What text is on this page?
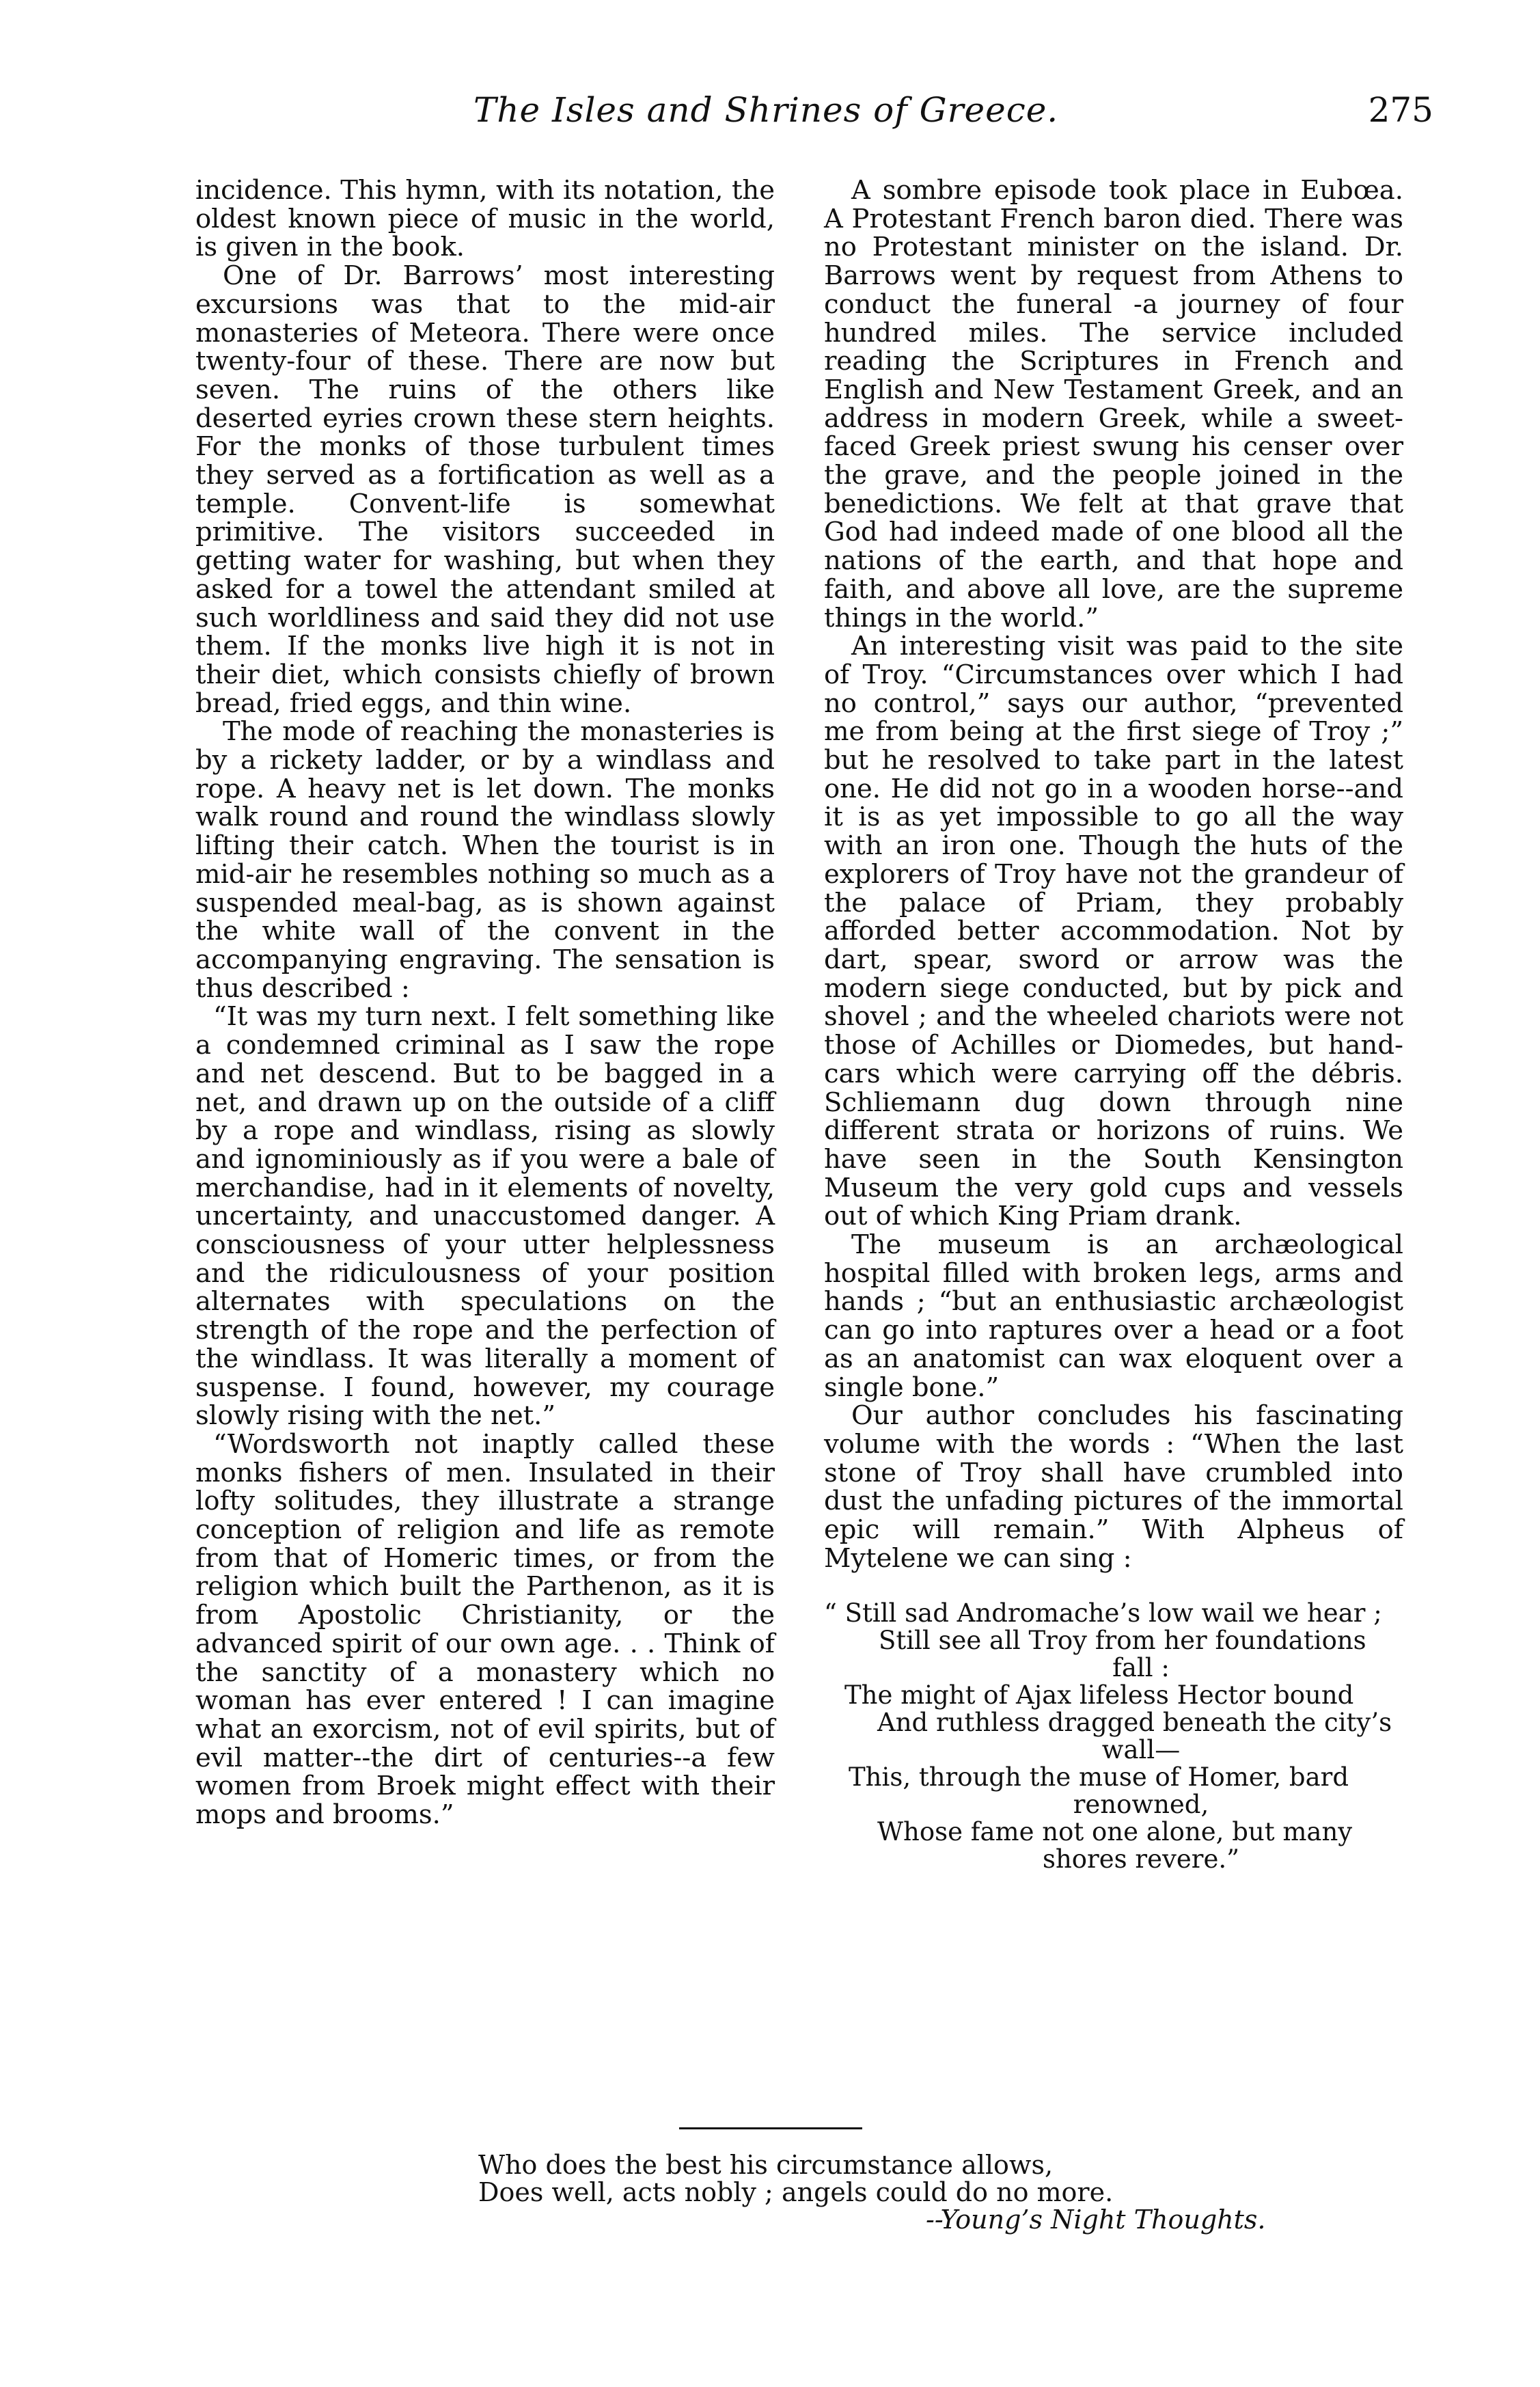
The Isles and Shrines of Greece.	275

incidence. This hymn, with its notation, the oldest known piece of music in the world, is given in the book.

One of Dr. Barrows’ most interesting excursions was that to the mid-air monasteries of Meteora. There were once twenty-four of these. There are now but seven. The ruins of the others like deserted eyries crown these stern heights. For the monks of those turbulent times they served as a fortification as well as a temple. Convent-life is somewhat primitive. The visitors succeeded in getting water for washing, but when they asked for a towel the attendant smiled at such worldliness and said they did not use them. If the monks live high it is not in their diet, which consists chiefly of brown bread, fried eggs, and thin wine.

The mode of reaching the monasteries is by a rickety ladder, or by a windlass and rope. A heavy net is let down. The monks walk round and round the windlass slowly lifting their catch. When the tourist is in mid-air he resembles nothing so much as a suspended meal-bag, as is shown against the white wall of the convent in the accompanying engraving. The sensation is thus described :

“It was my turn next. I felt something like a condemned criminal as I saw the rope and net descend. But to be bagged in a net, and drawn up on the outside of a cliff by a rope and windlass, rising as slowly and ignominiously as if you were a bale of merchandise, had in it elements of novelty, uncertainty, and unaccustomed danger. A consciousness of your utter helplessness and the ridiculousness of your position alternates with speculations on the strength of the rope and the perfection of the windlass. It was literally a moment of suspense. I found, however, my courage slowly rising with the net.”

“Wordsworth not inaptly called these monks fishers of men. Insulated in their lofty solitudes, they illustrate a strange conception of religion and life as remote from that of Homeric times, or from the religion which built the Parthenon, as it is from Apostolic Christianity, or the advanced spirit of our own age. . . Think of the sanctity of a monastery which no woman has ever entered ! I can imagine what an exorcism, not of evil spirits, but of evil matter--the dirt of centuries--a few women from Broek might effect with their mops and brooms.”

A sombre episode took place in Eubœa. A Protestant French baron died. There was no Protestant minister on the island. Dr. Barrows went by request from Athens to conduct the funeral -a journey of four hundred miles. The service included reading the Scriptures in French and English and New Testament Greek, and an address in modern Greek, while a sweet-faced Greek priest swung his censer over the grave, and the people joined in the benedictions. We felt at that grave that God had indeed made of one blood all the nations of the earth, and that hope and faith, and above all love, are the supreme things in the world.”

An interesting visit was paid to the site of Troy. “Circumstances over which I had no control,” says our author, “prevented me from being at the first siege of Troy ;” but he resolved to take part in the latest one. He did not go in a wooden horse--and it is as yet impossible to go all the way with an iron one. Though the huts of the explorers of Troy have not the grandeur of the palace of Priam, they probably afforded better accommodation. Not by dart, spear, sword or arrow was the modern siege conducted, but by pick and shovel ; and the wheeled chariots were not those of Achilles or Diomedes, but hand-cars which were carrying off the débris. Schliemann dug down through nine different strata or horizons of ruins. We have seen in the South Kensington Museum the very gold cups and vessels out of which King Priam drank.

The museum is an archæological hospital filled with broken legs, arms and hands ; “but an enthusiastic archæologist can go into raptures over a head or a foot as an anatomist can wax eloquent over a single bone.”

Our author concludes his fascinating volume with the words : “When the last stone of Troy shall have crumbled into dust the unfading pictures of the immortal epic will remain.” With Alpheus of Mytelene we can sing :

“ Still sad Andromache’s low wail we hear ;
Still see all Troy from her foundations
fall :
The might of Ajax lifeless Hector bound
And ruthless dragged beneath the city’s
wall—
This, through the muse of Homer, bard
renowned,
Whose fame not one alone, but many
shores revere.”
Who does the best his circumstance allows,
Does well, acts nobly ; angels could do no more.
--Young’s Night Thoughts.
